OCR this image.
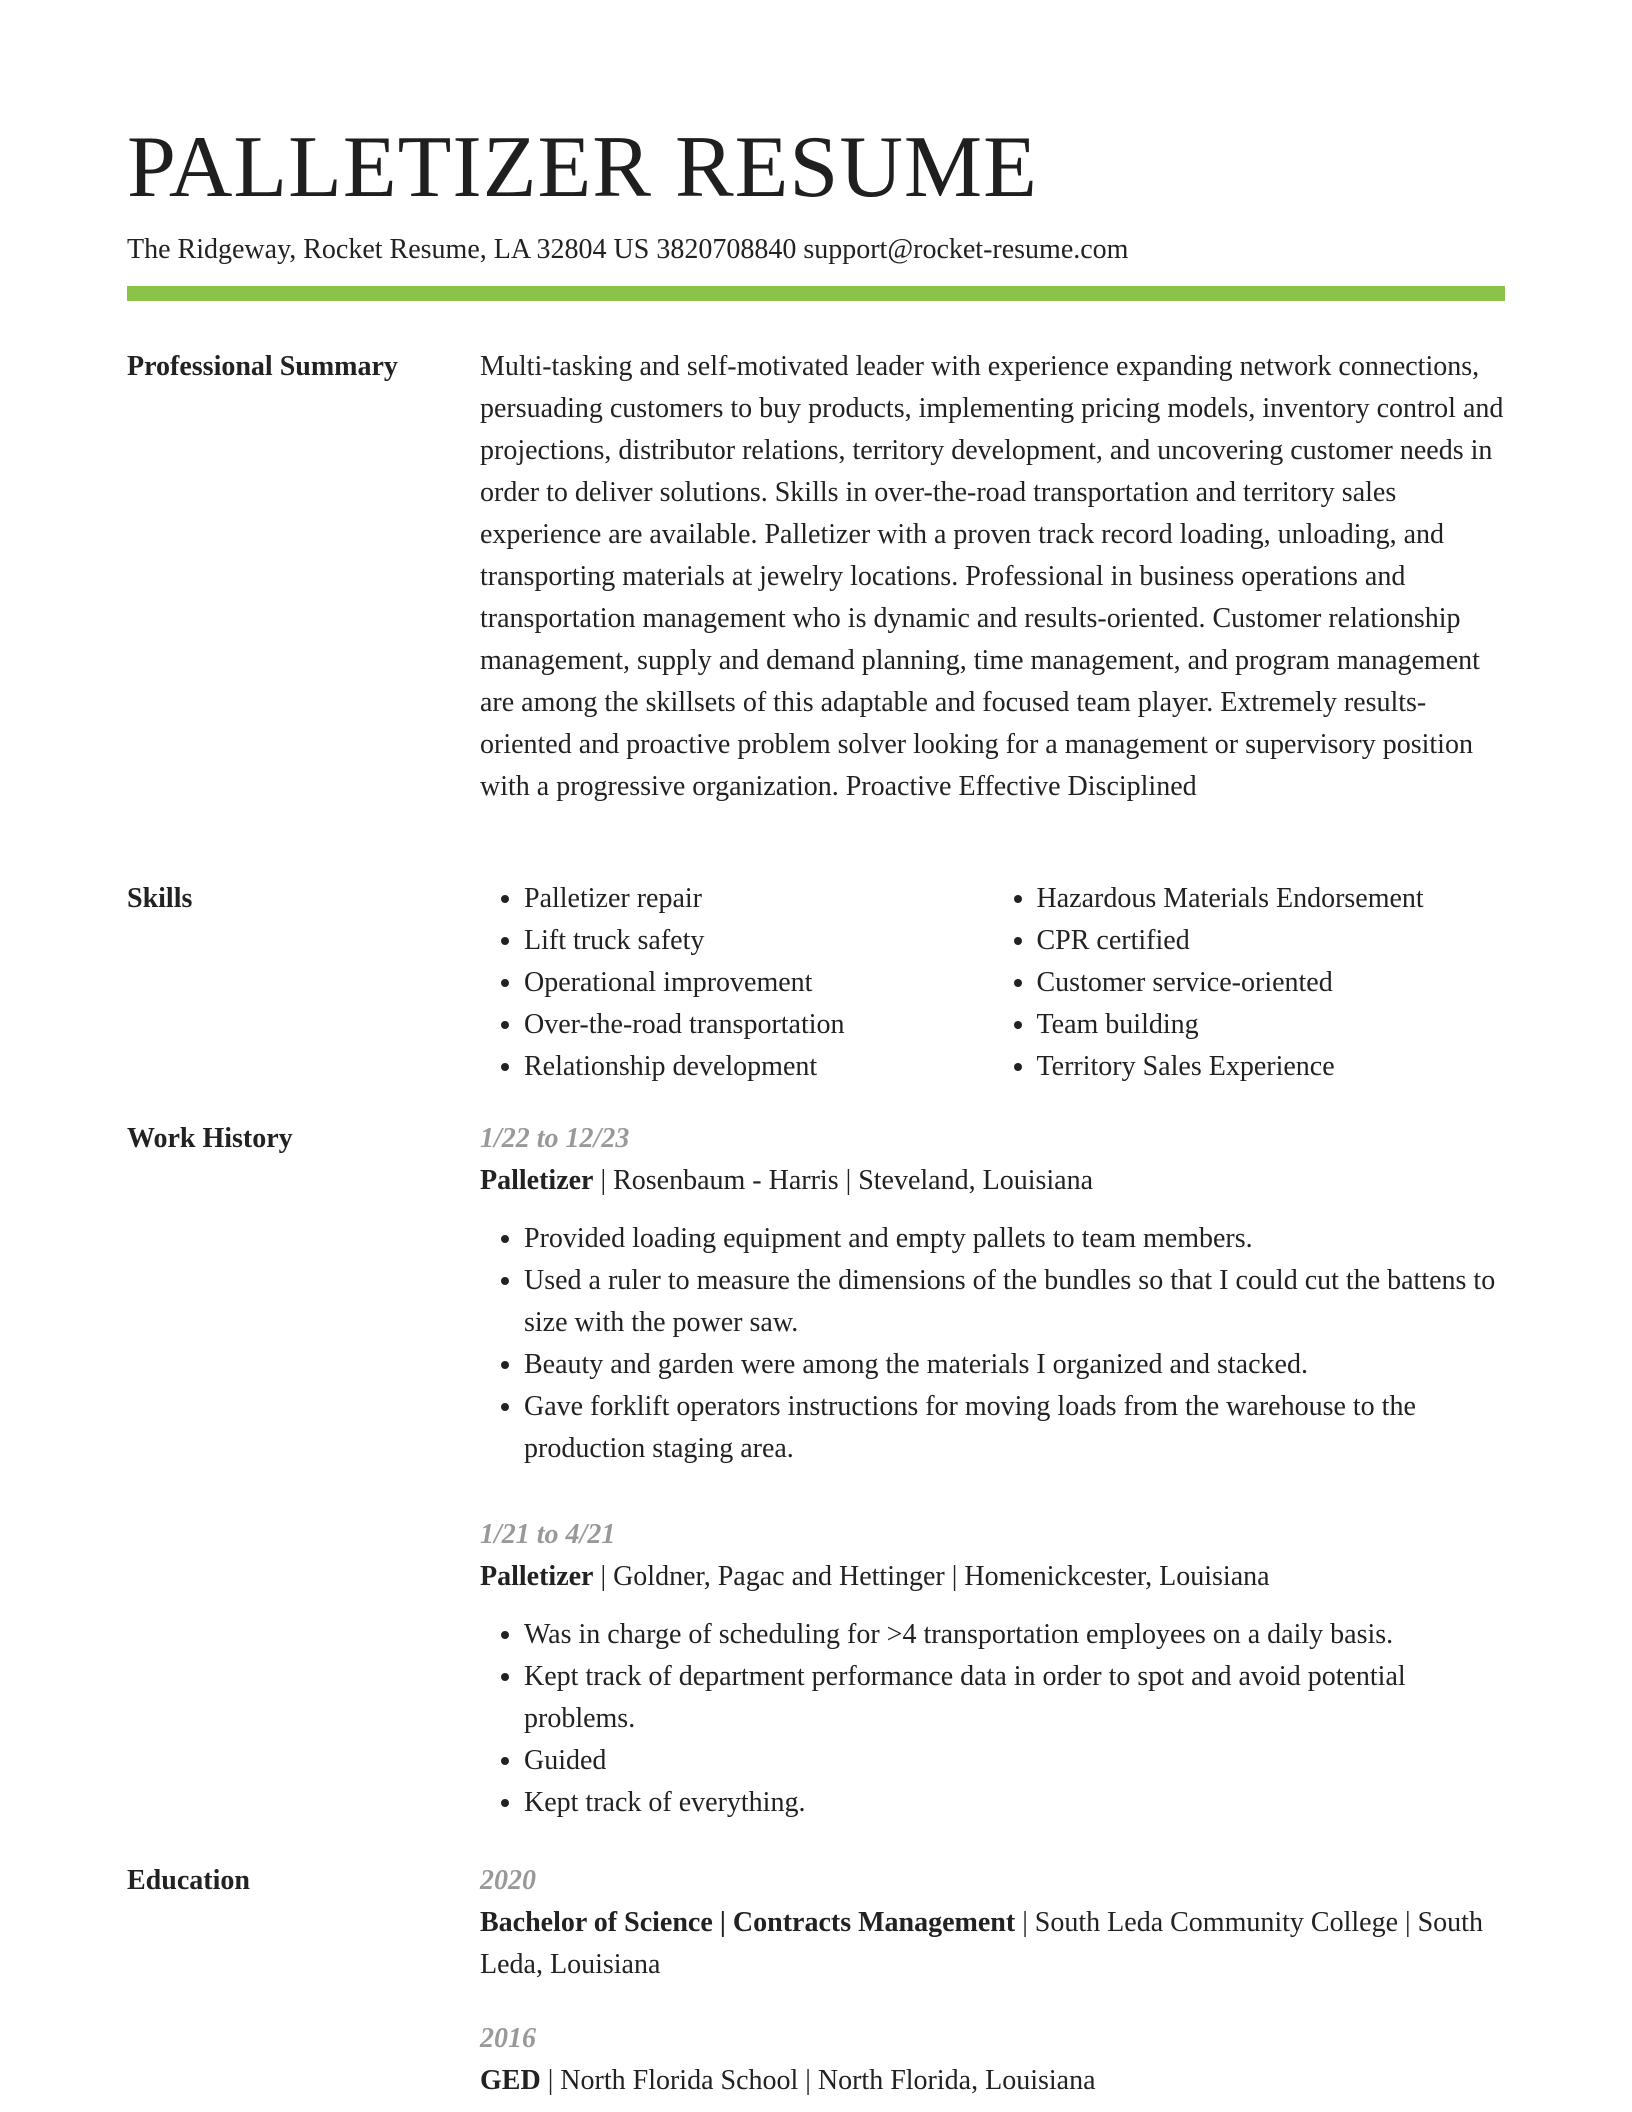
PALLETIZER RESUME
The Ridgeway, Rocket Resume, LA 32804 US 3820708840 support@rocket-resume.com
Professional Summary	Multi-tasking and self-motivated leader with experience expanding network connections, persuading customers to buy products, implementing pricing models, inventory control and projections, distributor relations, territory development, and uncovering customer needs in order to deliver solutions. Skills in over-the-road transportation and territory sales experience are available. Palletizer with a proven track record loading, unloading, and transporting materials at jewelry locations. Professional in business operations and transportation management who is dynamic and results-oriented. Customer relationship management, supply and demand planning, time management, and program management are among the skillsets of this adaptable and focused team player. Extremely results-oriented and proactive problem solver looking for a management or supervisory position with a progressive organization. Proactive Effective Disciplined

Skills
•	Palletizer repair
• Lift truck safety
• Operational improvement
• Over-the-road transportation
• Relationship development
• Hazardous Materials Endorsement
• CPR certified
• Customer service-oriented
• Team building
• Territory Sales Experience
Work History	1/22 to 12/23
Palletizer | Rosenbaum - Harris | Steveland, Louisiana
• Provided loading equipment and empty pallets to team members.
• Used a ruler to measure the dimensions of the bundles so that I could cut the battens to size with the power saw.
• Beauty and garden were among the materials I organized and stacked.
• Gave forklift operators instructions for moving loads from the warehouse to the production staging area.
1/21 to 4/21
Palletizer | Goldner, Pagac and Hettinger | Homenickcester, Louisiana
• Was in charge of scheduling for >4 transportation employees on a daily basis.
• Kept track of department performance data in order to spot and avoid potential problems.
• Guided
• Kept track of everything.
Education	2020
Bachelor of Science | Contracts Management | South Leda Community College | South Leda, Louisiana
2016
GED | North Florida School | North Florida, Louisiana
